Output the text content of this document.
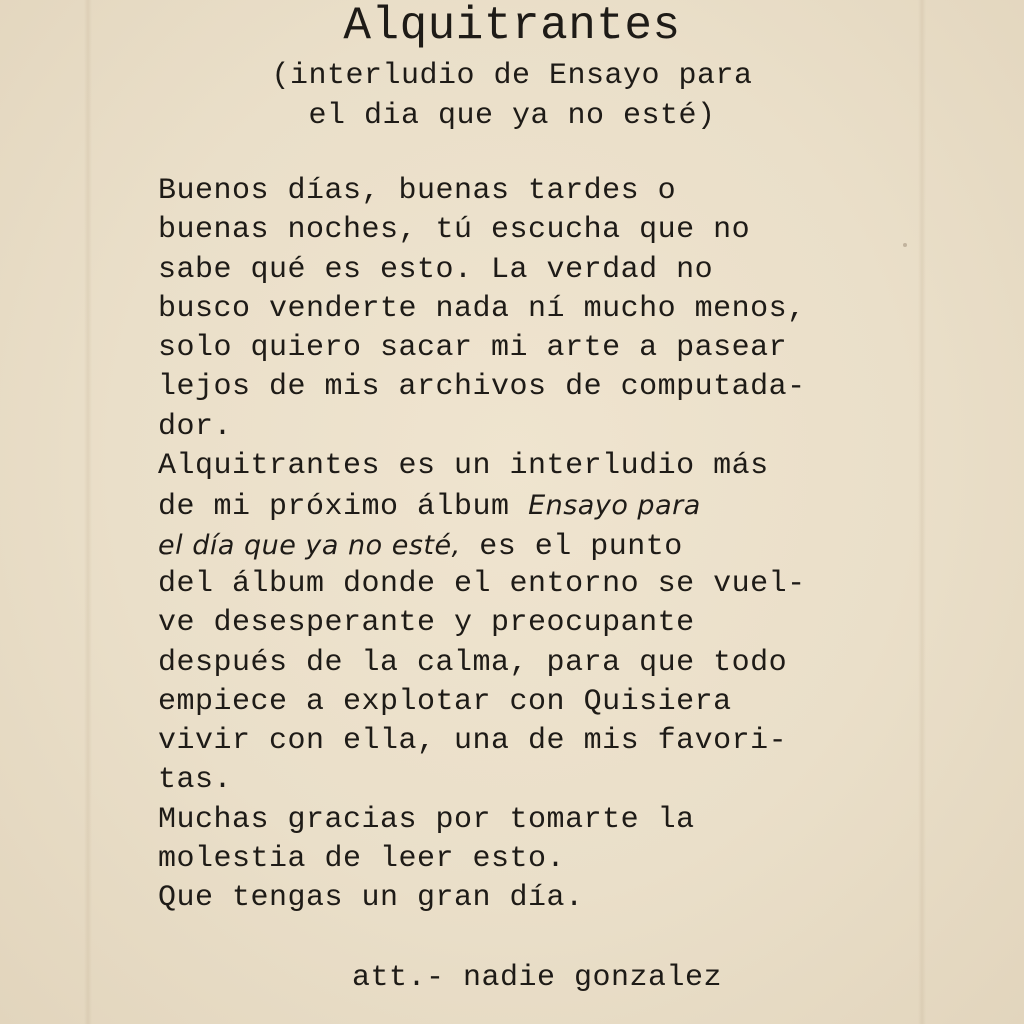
Alquitrantes
(interludio de Ensayo para
el dia que ya no esté)
Buenos días, buenas tardes o
buenas noches, tú escucha que no
sabe qué es esto. La verdad no
busco venderte nada ní mucho menos,
solo quiero sacar mi arte a pasear
lejos de mis archivos de computada-
dor.
Alquitrantes es un interludio más
de mi próximo álbum Ensayo para
el día que ya no esté, es el punto
del álbum donde el entorno se vuel-
ve desesperante y preocupante
después de la calma, para que todo
empiece a explotar con Quisiera
vivir con ella, una de mis favori-
tas.
Muchas gracias por tomarte la
molestia de leer esto.
Que tengas un gran día.
att.- nadie gonzalez
